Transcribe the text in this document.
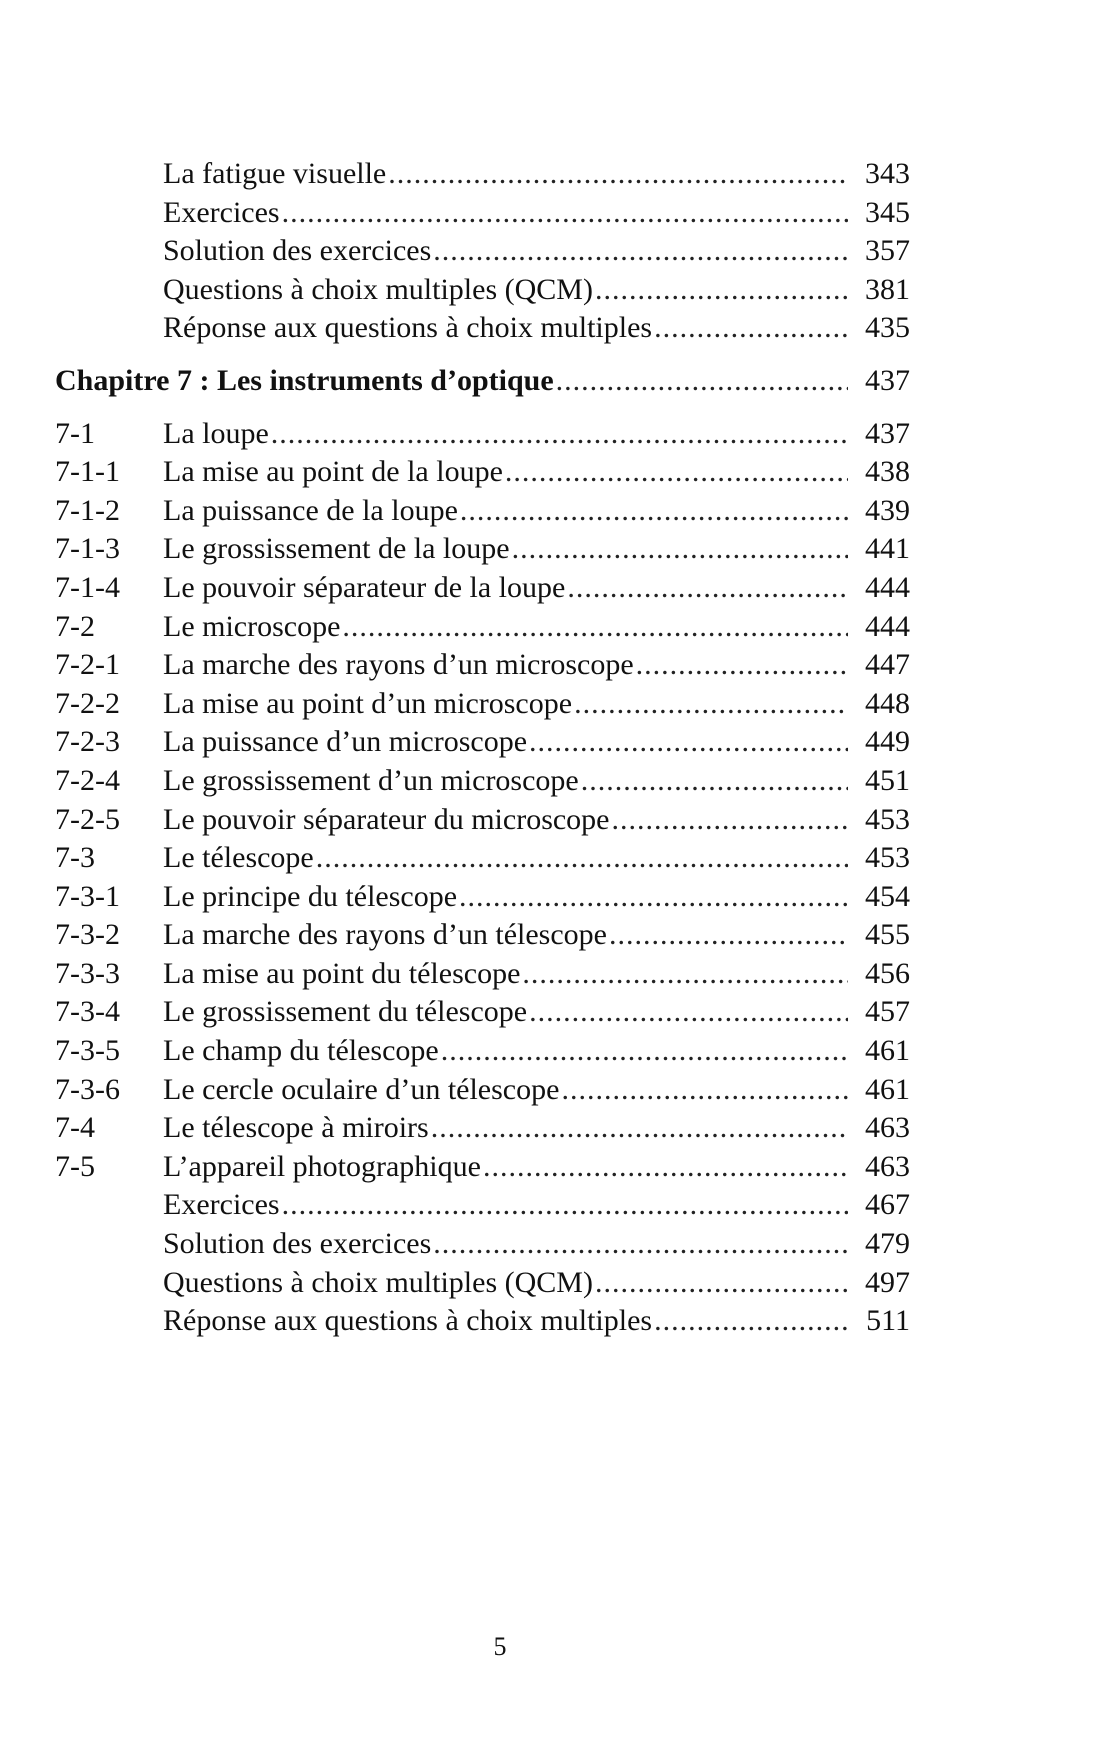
La fatigue visuelle .....	343
Exercices .....	345
Solution des exercices .....	357
Questions à choix multiples (QCM) .....	381
Réponse aux questions à choix multiples .....	435
Chapitre 7 : Les instruments d’optique .....	437
7-1	La loupe .....	437
7-1-1	La mise au point de la loupe .....	438
7-1-2	La puissance de la loupe .....	439
7-1-3	Le grossissement de la loupe .....	441
7-1-4	Le pouvoir séparateur de la loupe .....	444
7-2	Le microscope .....	444
7-2-1	La marche des rayons d’un microscope .....	447
7-2-2	La mise au point d’un microscope .....	448
7-2-3	La puissance d’un microscope .....	449
7-2-4	Le grossissement d’un microscope .....	451
7-2-5	Le pouvoir séparateur du microscope .....	453
7-3	Le télescope .....	453
7-3-1	Le principe du télescope .....	454
7-3-2	La marche des rayons d’un télescope .....	455
7-3-3	La mise au point du télescope .....	456
7-3-4	Le grossissement du télescope .....	457
7-3-5	Le champ du télescope .....	461
7-3-6	Le cercle oculaire d’un télescope .....	461
7-4	Le télescope à miroirs .....	463
7-5	L’appareil photographique .....	463
Exercices .....	467
Solution des exercices .....	479
Questions à choix multiples (QCM) .....	497
Réponse aux questions à choix multiples .....	511
5
